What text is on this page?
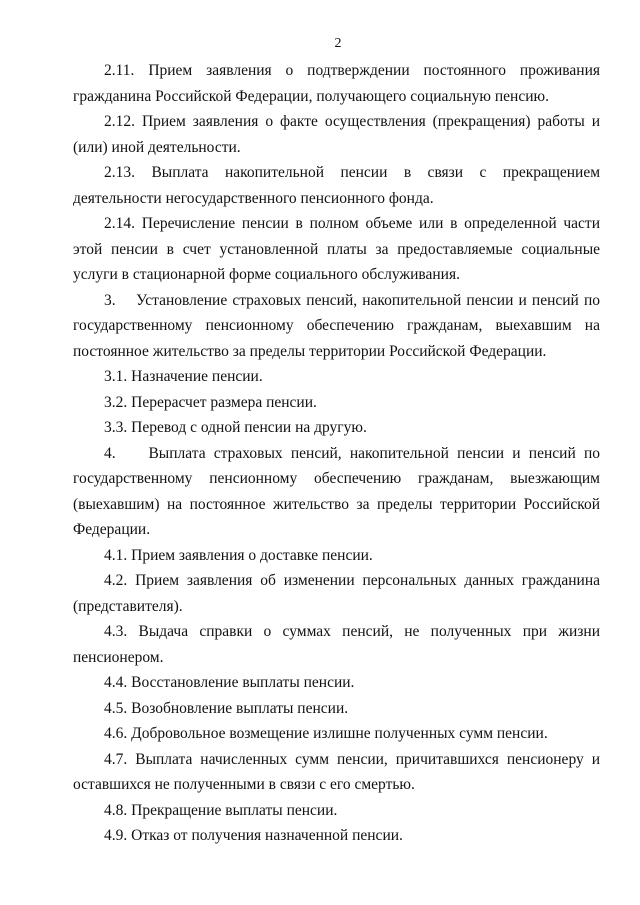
2

2.11. Прием заявления о подтверждении постоянного проживания гражданина Российской Федерации, получающего социальную пенсию.

2.12. Прием заявления о факте осуществления (прекращения) работы и (или) иной деятельности.

2.13. Выплата накопительной пенсии в связи с прекращением деятельности негосударственного пенсионного фонда.

2.14. Перечисление пенсии в полном объеме или в определенной части этой пенсии в счет установленной платы за предоставляемые социальные услуги в стационарной форме социального обслуживания.

3. Установление страховых пенсий, накопительной пенсии и пенсий по государственному пенсионному обеспечению гражданам, выехавшим на постоянное жительство за пределы территории Российской Федерации.

3.1. Назначение пенсии.

3.2. Перерасчет размера пенсии.

3.3. Перевод с одной пенсии на другую.

4. Выплата страховых пенсий, накопительной пенсии и пенсий по государственному пенсионному обеспечению гражданам, выезжающим (выехавшим) на постоянное жительство за пределы территории Российской Федерации.

4.1. Прием заявления о доставке пенсии.

4.2. Прием заявления об изменении персональных данных гражданина (представителя).

4.3. Выдача справки о суммах пенсий, не полученных при жизни пенсионером.

4.4. Восстановление выплаты пенсии.

4.5. Возобновление выплаты пенсии.

4.6. Добровольное возмещение излишне полученных сумм пенсии.

4.7. Выплата начисленных сумм пенсии, причитавшихся пенсионеру и оставшихся не полученными в связи с его смертью.

4.8. Прекращение выплаты пенсии.

4.9. Отказ от получения назначенной пенсии.
